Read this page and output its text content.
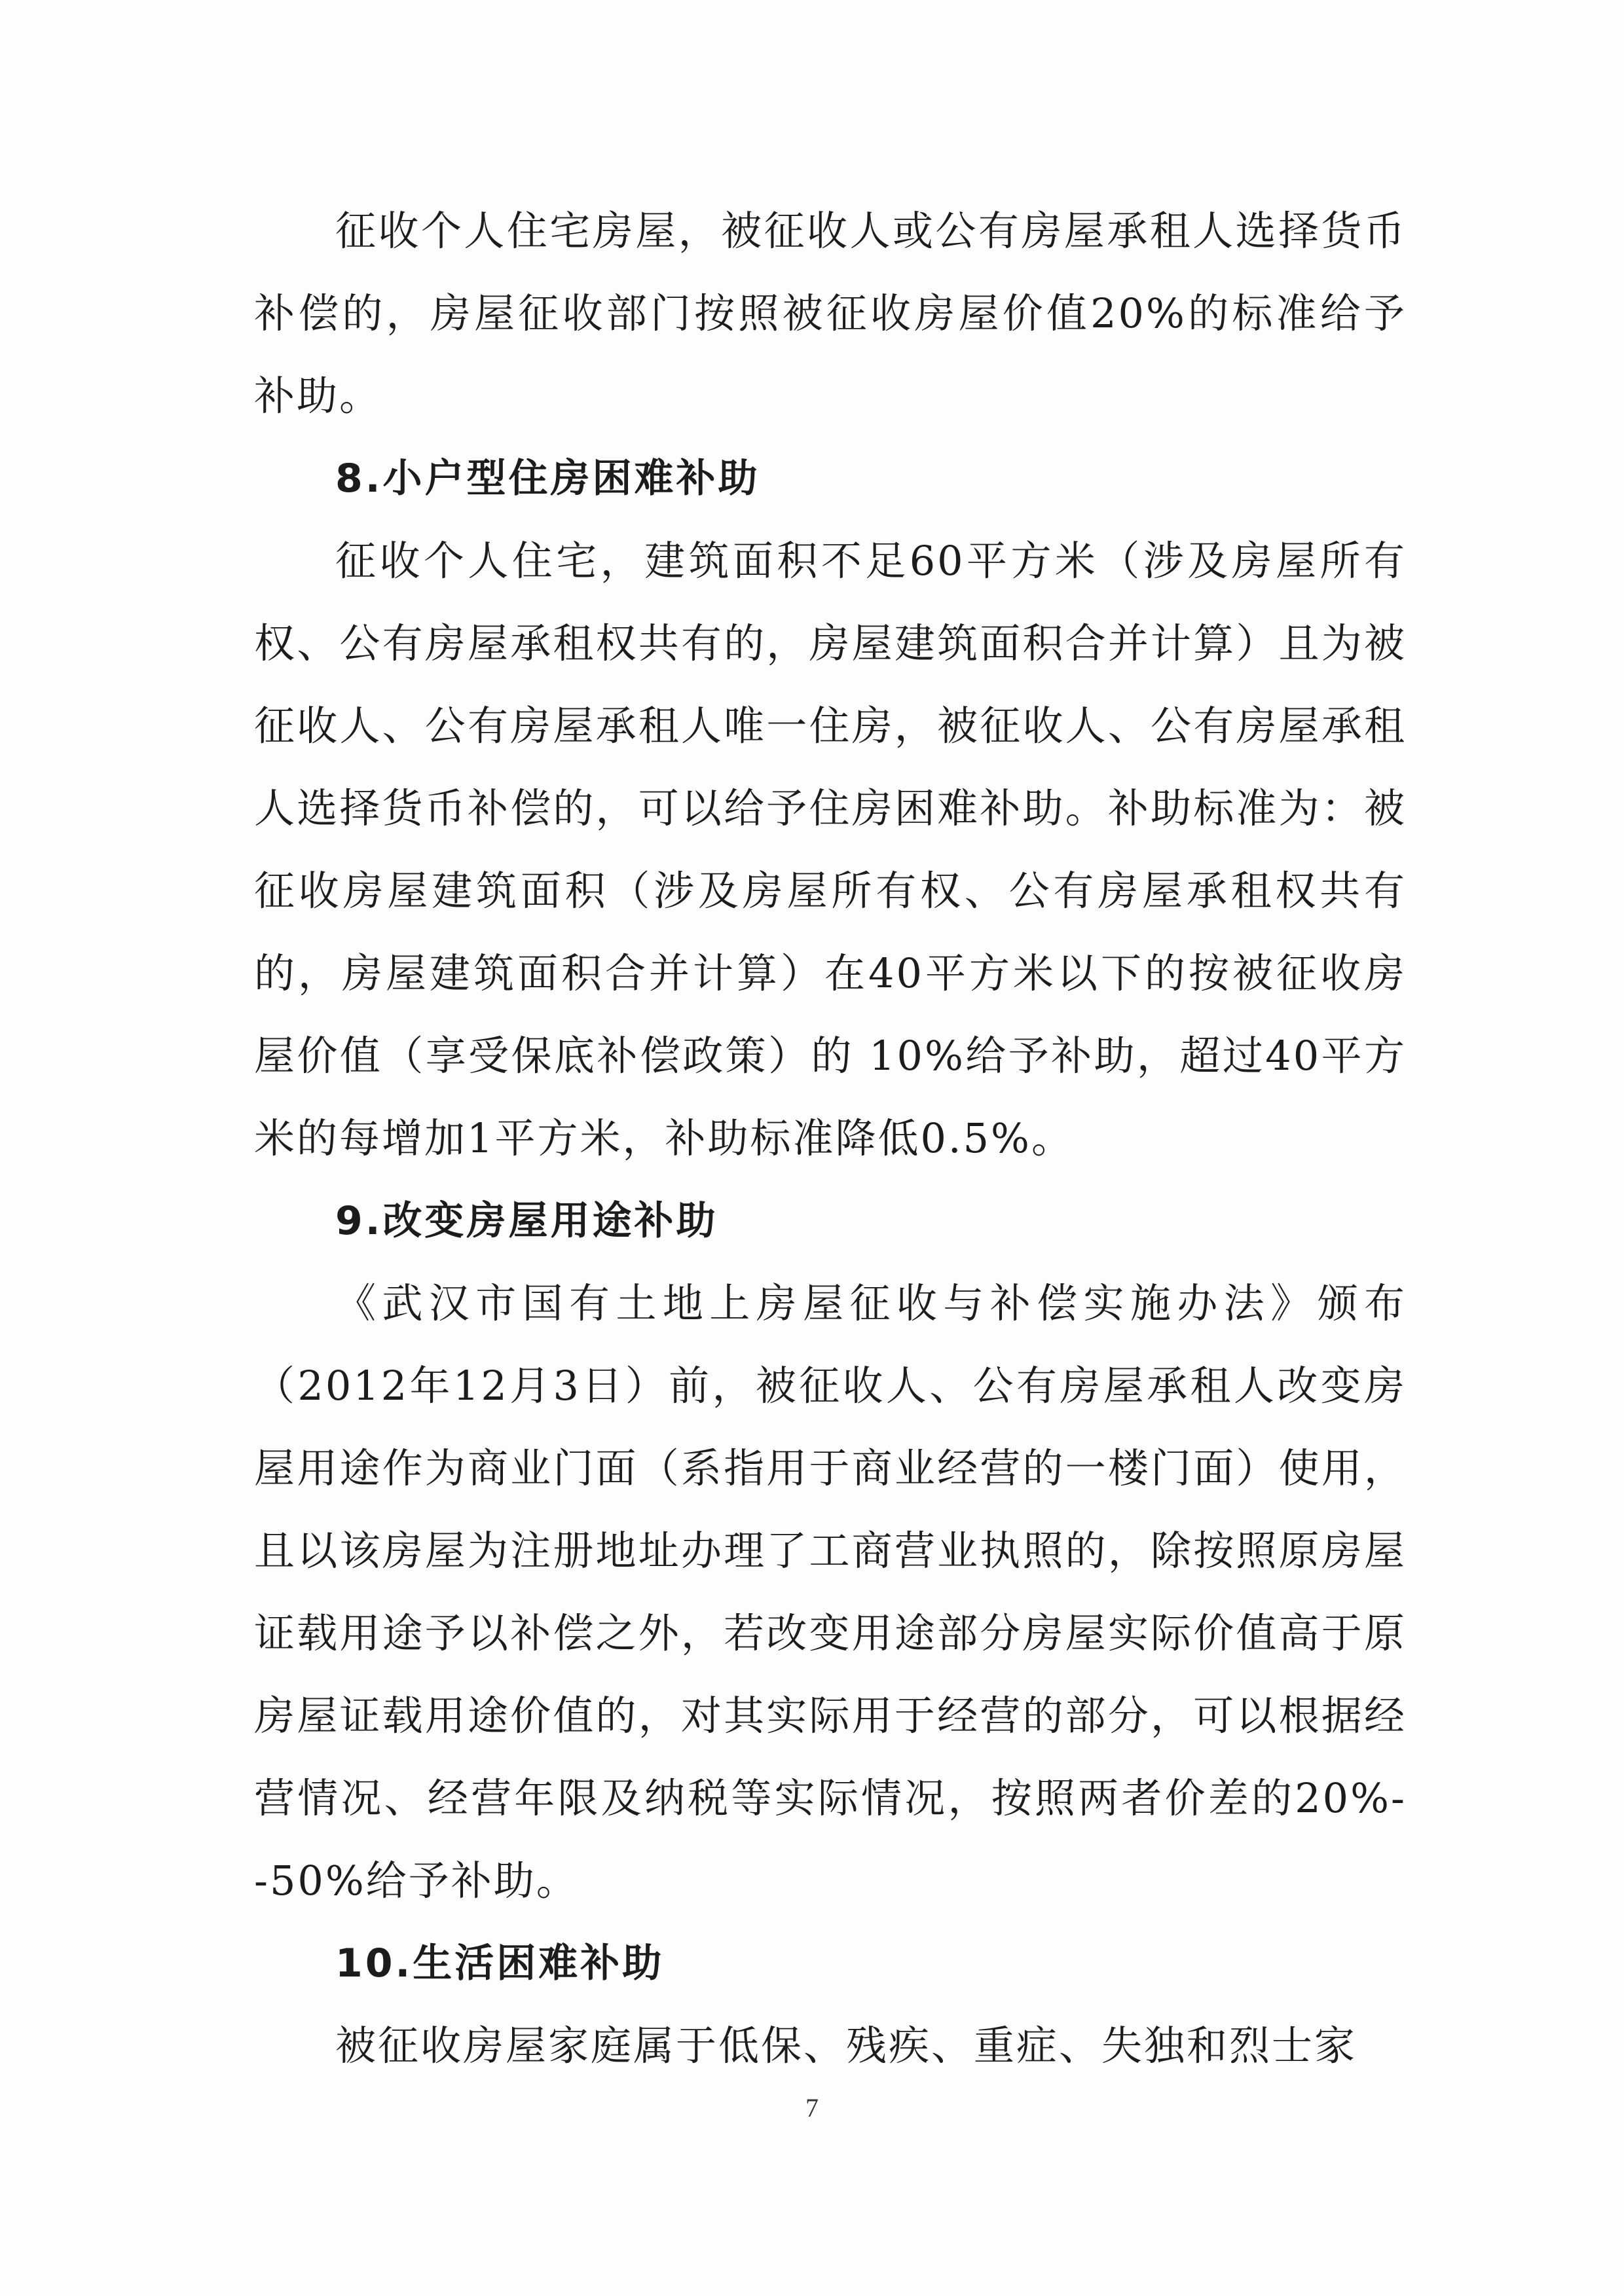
征收个人住宅房屋，被征收人或公有房屋承租人选择货币补偿的，房屋征收部门按照被征收房屋价值20%的标准给予补助。

8.小户型住房困难补助

征收个人住宅，建筑面积不足60平方米（涉及房屋所有权、公有房屋承租权共有的，房屋建筑面积合并计算）且为被征收人、公有房屋承租人唯一住房，被征收人、公有房屋承租人选择货币补偿的，可以给予住房困难补助。补助标准为：被征收房屋建筑面积（涉及房屋所有权、公有房屋承租权共有的，房屋建筑面积合并计算）在40平方米以下的按被征收房屋价值（享受保底补偿政策）的 10%给予补助，超过40平方米的每增加1平方米，补助标准降低0.5%。

9.改变房屋用途补助

《武汉市国有土地上房屋征收与补偿实施办法》颁布（2012年12月3日）前，被征收人、公有房屋承租人改变房屋用途作为商业门面（系指用于商业经营的一楼门面）使用，且以该房屋为注册地址办理了工商营业执照的，除按照原房屋证载用途予以补偿之外，若改变用途部分房屋实际价值高于原房屋证载用途价值的，对其实际用于经营的部分，可以根据经营情况、经营年限及纳税等实际情况，按照两者价差的20%--50%给予补助。

10.生活困难补助

被征收房屋家庭属于低保、残疾、重症、失独和烈士家

7
